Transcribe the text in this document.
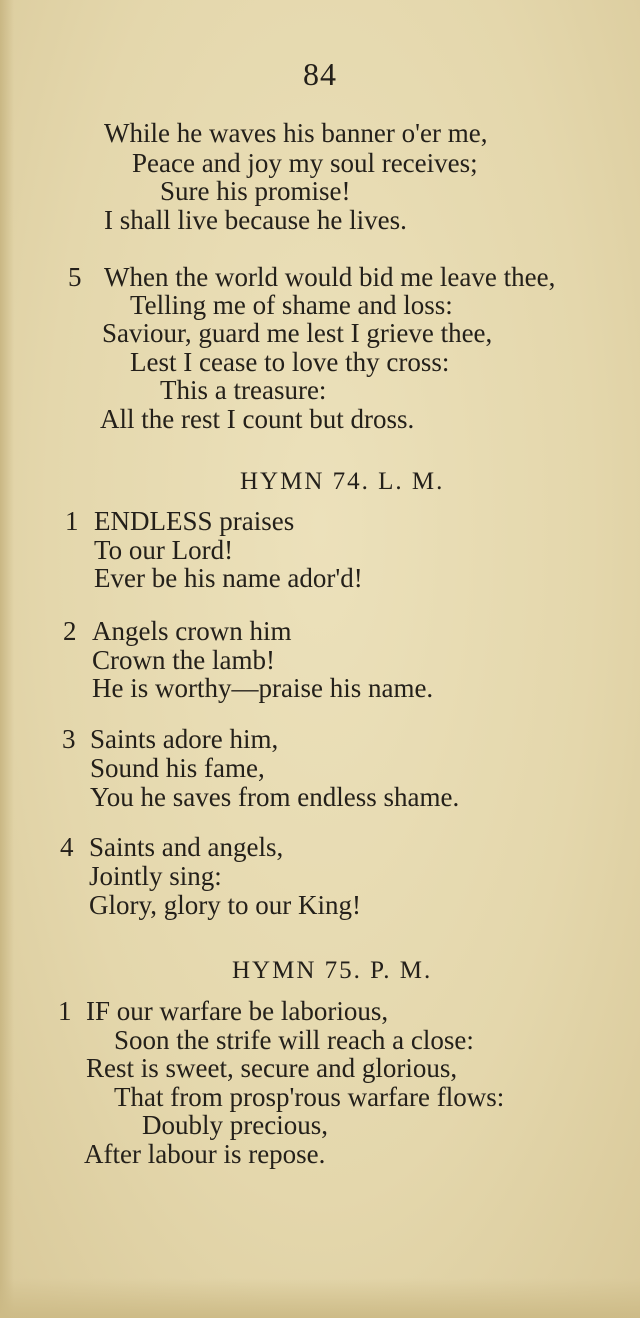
84
While he waves his banner o'er me,
Peace and joy my soul receives;
Sure his promise!
I shall live because he lives.
5 When the world would bid me leave thee,
Telling me of shame and loss:
Saviour, guard me lest I grieve thee,
Lest I cease to love thy cross:
This a treasure:
All the rest I count but dross.
HYMN 74. L. M.
1 ENDLESS praises
To our Lord!
Ever be his name ador'd!
2 Angels crown him
Crown the lamb!
He is worthy—praise his name.
3 Saints adore him,
Sound his fame,
You he saves from endless shame.
4 Saints and angels,
Jointly sing:
Glory, glory to our King!
HYMN 75. P. M.
1 IF our warfare be laborious,
Soon the strife will reach a close:
Rest is sweet, secure and glorious,
That from prosp'rous warfare flows:
Doubly precious,
After labour is repose.
